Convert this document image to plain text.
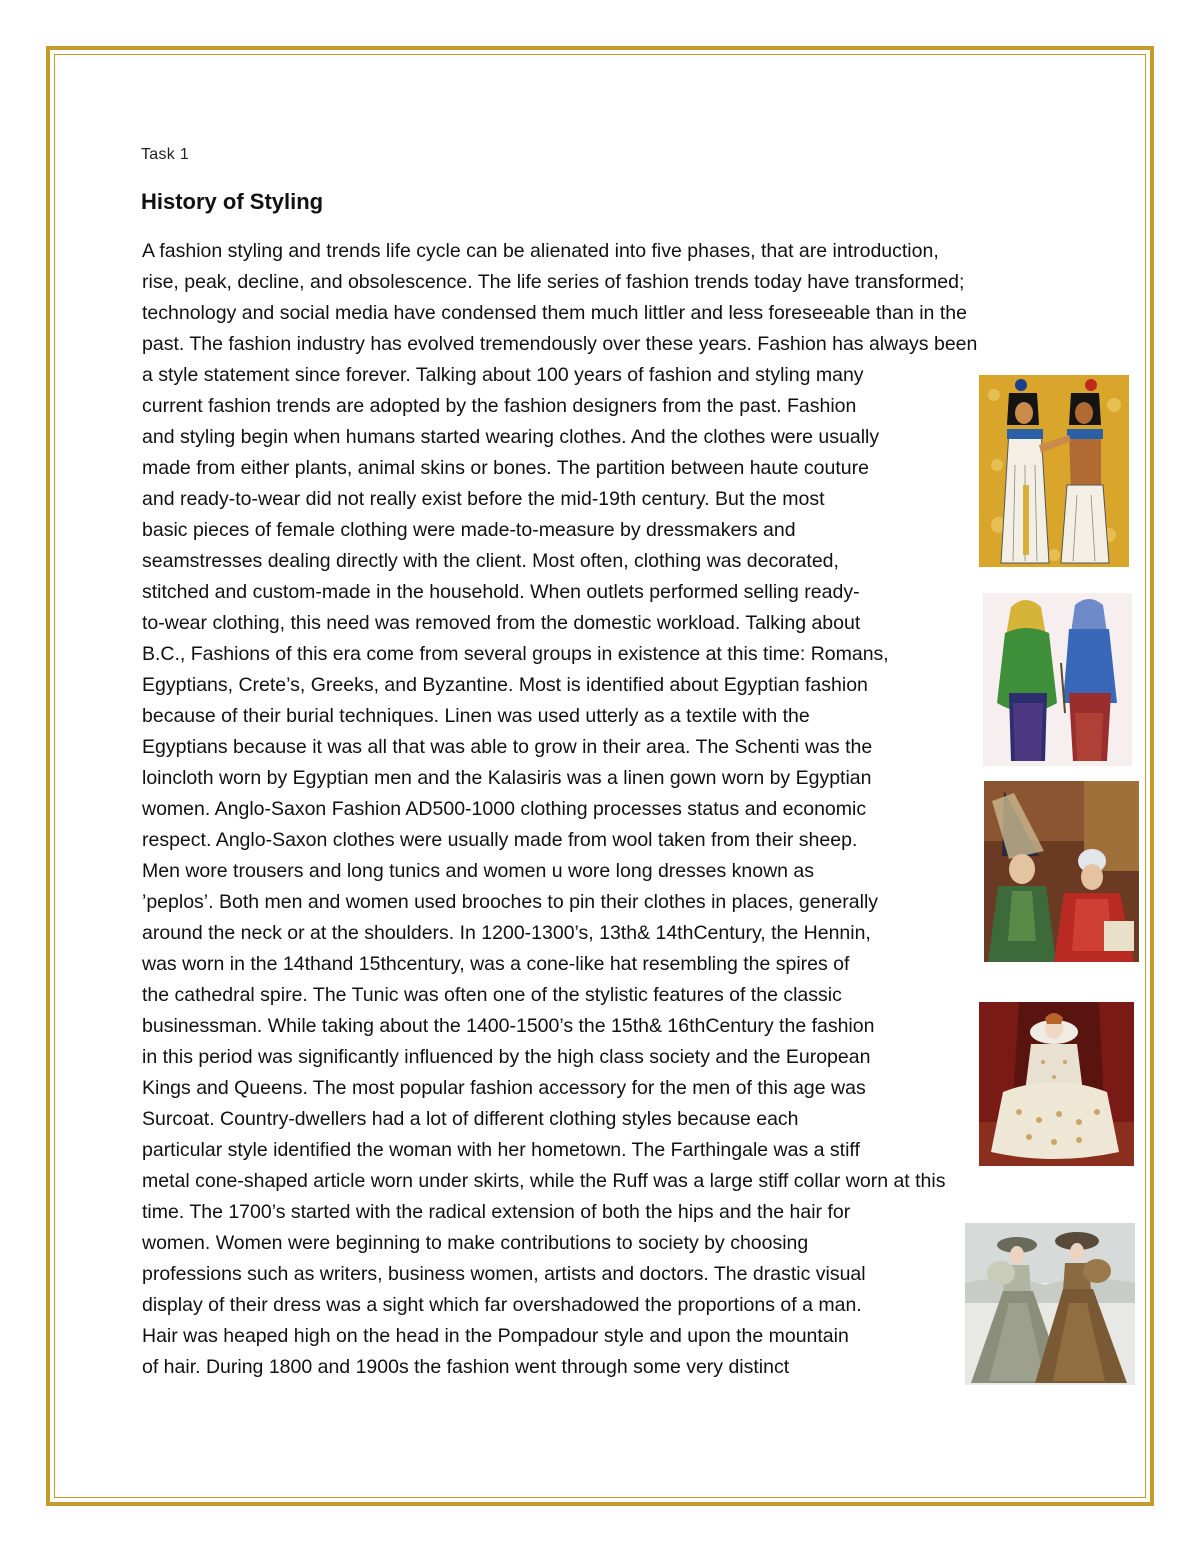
Task 1
History of Styling
A fashion styling and trends life cycle can be alienated into five phases, that are introduction,
rise, peak, decline, and obsolescence. The life series of fashion trends today have transformed;
technology and social media have condensed them much littler and less foreseeable than in the
past. The fashion industry has evolved tremendously over these years. Fashion has always been
a style statement since forever. Talking about 100 years of fashion and styling many
current fashion trends are adopted by the fashion designers from the past. Fashion
and styling begin when humans started wearing clothes. And the clothes were usually
made from either plants, animal skins or bones. The partition between haute couture
and ready-to-wear did not really exist before the mid-19th century. But the most
basic pieces of female clothing were made-to-measure by dressmakers and
seamstresses dealing directly with the client. Most often, clothing was decorated,
stitched and custom-made in the household. When outlets performed selling ready-
to-wear clothing, this need was removed from the domestic workload. Talking about
B.C., Fashions of this era come from several groups in existence at this time: Romans,
Egyptians, Crete’s, Greeks, and Byzantine. Most is identified about Egyptian fashion
because of their burial techniques. Linen was used utterly as a textile with the
Egyptians because it was all that was able to grow in their area. The Schenti was the
loincloth worn by Egyptian men and the Kalasiris was a linen gown worn by Egyptian
women. Anglo-Saxon Fashion AD500-1000 clothing processes status and economic
respect. Anglo-Saxon clothes were usually made from wool taken from their sheep.
Men wore trousers and long tunics and women u wore long dresses known as
’peplos’. Both men and women used brooches to pin their clothes in places, generally
around the neck or at the shoulders. In 1200-1300’s, 13th& 14thCentury, the Hennin,
was worn in the 14thand 15thcentury, was a cone-like hat resembling the spires of
the cathedral spire. The Tunic was often one of the stylistic features of the classic
businessman. While taking about the 1400-1500’s the 15th& 16thCentury the fashion
in this period was significantly influenced by the high class society and the European
Kings and Queens. The most popular fashion accessory for the men of this age was
Surcoat. Country-dwellers had a lot of different clothing styles because each
particular style identified the woman with her hometown. The Farthingale was a stiff
metal cone-shaped article worn under skirts, while the Ruff was a large stiff collar worn at this
time. The 1700’s started with the radical extension of both the hips and the hair for
women. Women were beginning to make contributions to society by choosing
professions such as writers, business women, artists and doctors. The drastic visual
display of their dress was a sight which far overshadowed the proportions of a man.
Hair was heaped high on the head in the Pompadour style and upon the mountain
of hair. During 1800 and 1900s the fashion went through some very distinct
